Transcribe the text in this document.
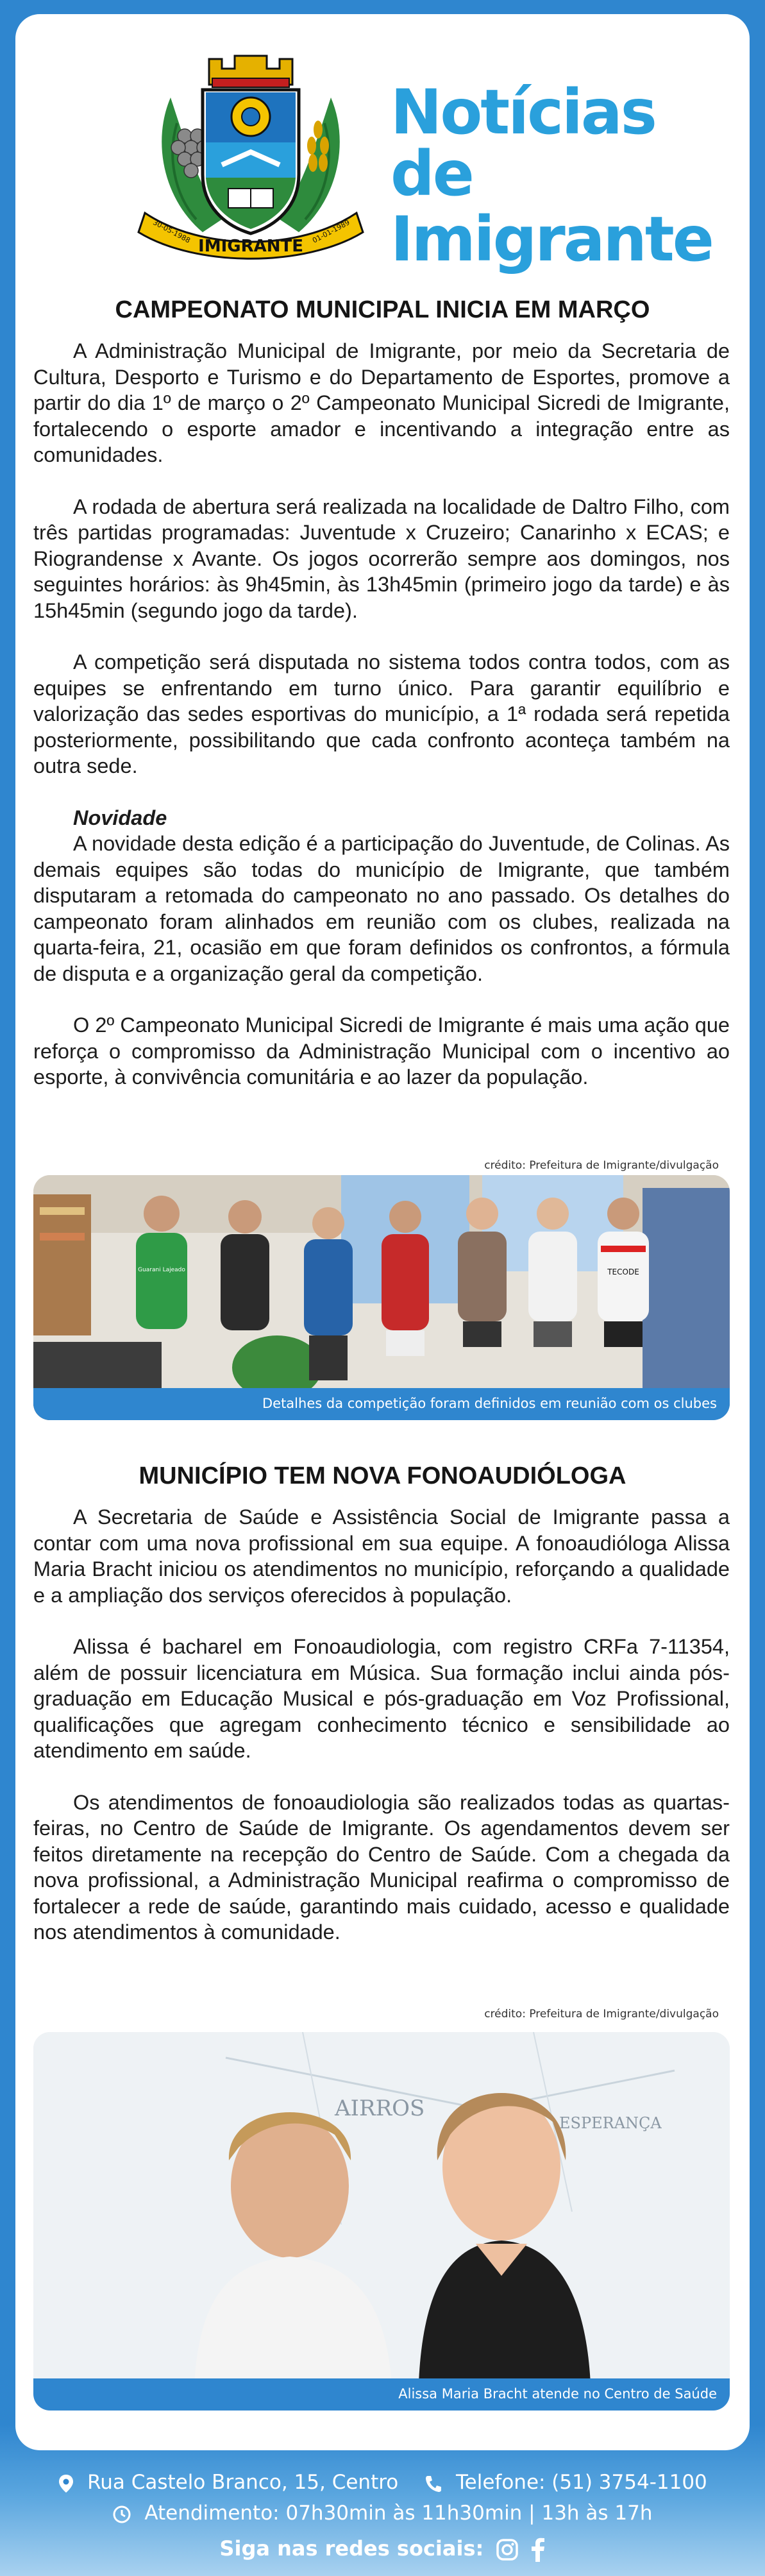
IMIGRANTE
30-05-1988	01-01-1989
Notícias de
Imigrante
CAMPEONATO MUNICIPAL INICIA EM MARÇO

A Administração Municipal de Imigrante, por meio da Secretaria de Cultura, Desporto e Turismo e do Departamento de Esportes, promove a partir do dia 1º de março o 2º Campeonato Municipal Sicredi de Imigrante, fortalecendo o esporte amador e incentivando a integração entre as comunidades.

A rodada de abertura será realizada na localidade de Daltro Filho, com três partidas programadas: Juventude x Cruzeiro; Canarinho x ECAS; e Riograndense x Avante. Os jogos ocorrerão sempre aos domingos, nos seguintes horários: às 9h45min, às 13h45min (primeiro jogo da tarde) e às 15h45min (segundo jogo da tarde).

A competição será disputada no sistema todos contra todos, com as equipes se enfrentando em turno único. Para garantir equilíbrio e valorização das sedes esportivas do município, a 1ª rodada será repetida posteriormente, possibilitando que cada confronto aconteça também na outra sede.

Novidade

A novidade desta edição é a participação do Juventude, de Colinas. As demais equipes são todas do município de Imigrante, que também disputaram a retomada do campeonato no ano passado. Os detalhes do campeonato foram alinhados em reunião com os clubes, realizada na quarta-feira, 21, ocasião em que foram definidos os confrontos, a fórmula de disputa e a organização geral da competição.

O 2º Campeonato Municipal Sicredi de Imigrante é mais uma ação que reforça o compromisso da Administração Municipal com o incentivo ao esporte, à convivência comunitária e ao lazer da população.

crédito: Prefeitura de Imigrante/divulgação
Guarani Lajeado	TECODE
Detalhes da competição foram definidos em reunião com os clubes
MUNICÍPIO TEM NOVA FONOAUDIÓLOGA

A Secretaria de Saúde e Assistência Social de Imigrante passa a contar com uma nova profissional em sua equipe. A fonoaudióloga Alissa Maria Bracht iniciou os atendimentos no município, reforçando a qualidade e a ampliação dos serviços oferecidos à população.

Alissa é bacharel em Fonoaudiologia, com registro CRFa 7-11354, além de possuir licenciatura em Música. Sua formação inclui ainda pós-graduação em Educação Musical e pós-graduação em Voz Profissional, qualificações que agregam conhecimento técnico e sensibilidade ao atendimento em saúde.

Os atendimentos de fonoaudiologia são realizados todas as quartas-feiras, no Centro de Saúde de Imigrante. Os agendamentos devem ser feitos diretamente na recepção do Centro de Saúde. Com a chegada da nova profissional, a Administração Municipal reafirma o compromisso de fortalecer a rede de saúde, garantindo mais cuidado, acesso e qualidade nos atendimentos à comunidade.

crédito: Prefeitura de Imigrante/divulgação
AIRROS
ESPERANÇA
Alissa Maria Bracht atende no Centro de Saúde
Rua Castelo Branco, 15, Centro	Telefone: (51) 3754-1100
Atendimento: 07h30min às 11h30min | 13h às 17h
Siga nas redes sociais:
